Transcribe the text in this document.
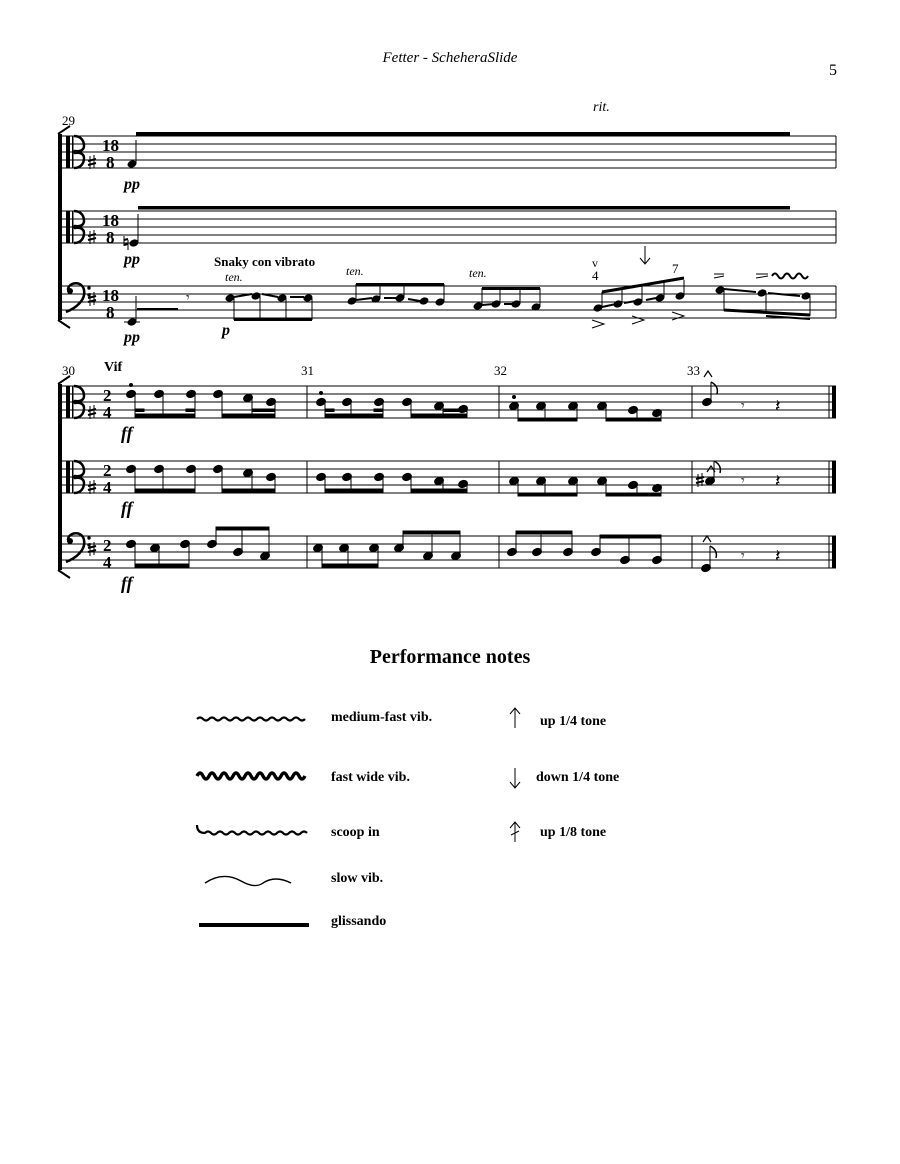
Fetter - ScheheraSlide
5
18
8
18
8
18
8
29
rit.
pp
pp
𝄾
pp	p
Snaky con vibrato
ten.	ten.	ten.
v
4	7
2
4
2
4
2
4
30 Vif	31	32	33
ff
ff
ff
𝄾 𝄽
𝄾 𝄽
𝄾 𝄽
Performance notes
medium-fast vib.
fast wide vib.
scoop in
slow vib.
glissando
up 1/4 tone
down 1/4 tone
up 1/8 tone
